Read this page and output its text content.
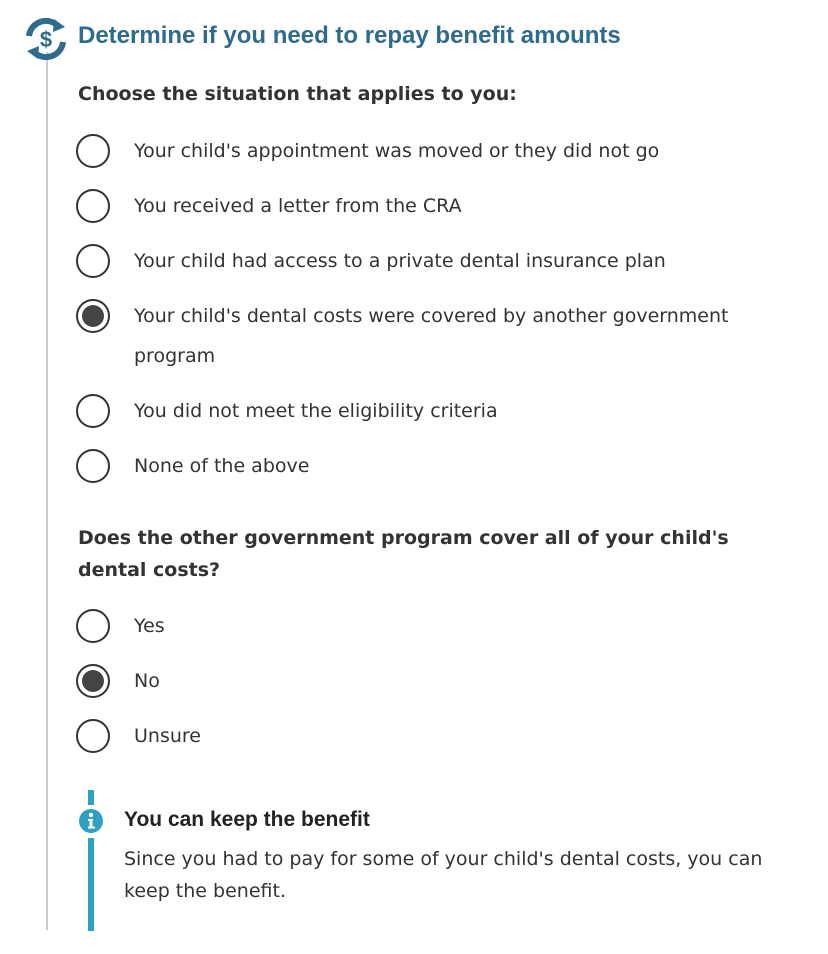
$ Determine if you need to repay benefit amounts

Choose the situation that applies to you:

Your child's appointment was moved or they did not go
You received a letter from the CRA
Your child had access to a private dental insurance plan
Your child's dental costs were covered by another government program
You did not meet the eligibility criteria
None of the above

Does the other government program cover all of your child's dental costs?

Yes
No
Unsure
You can keep the benefit

Since you had to pay for some of your child's dental costs, you can keep the benefit.
